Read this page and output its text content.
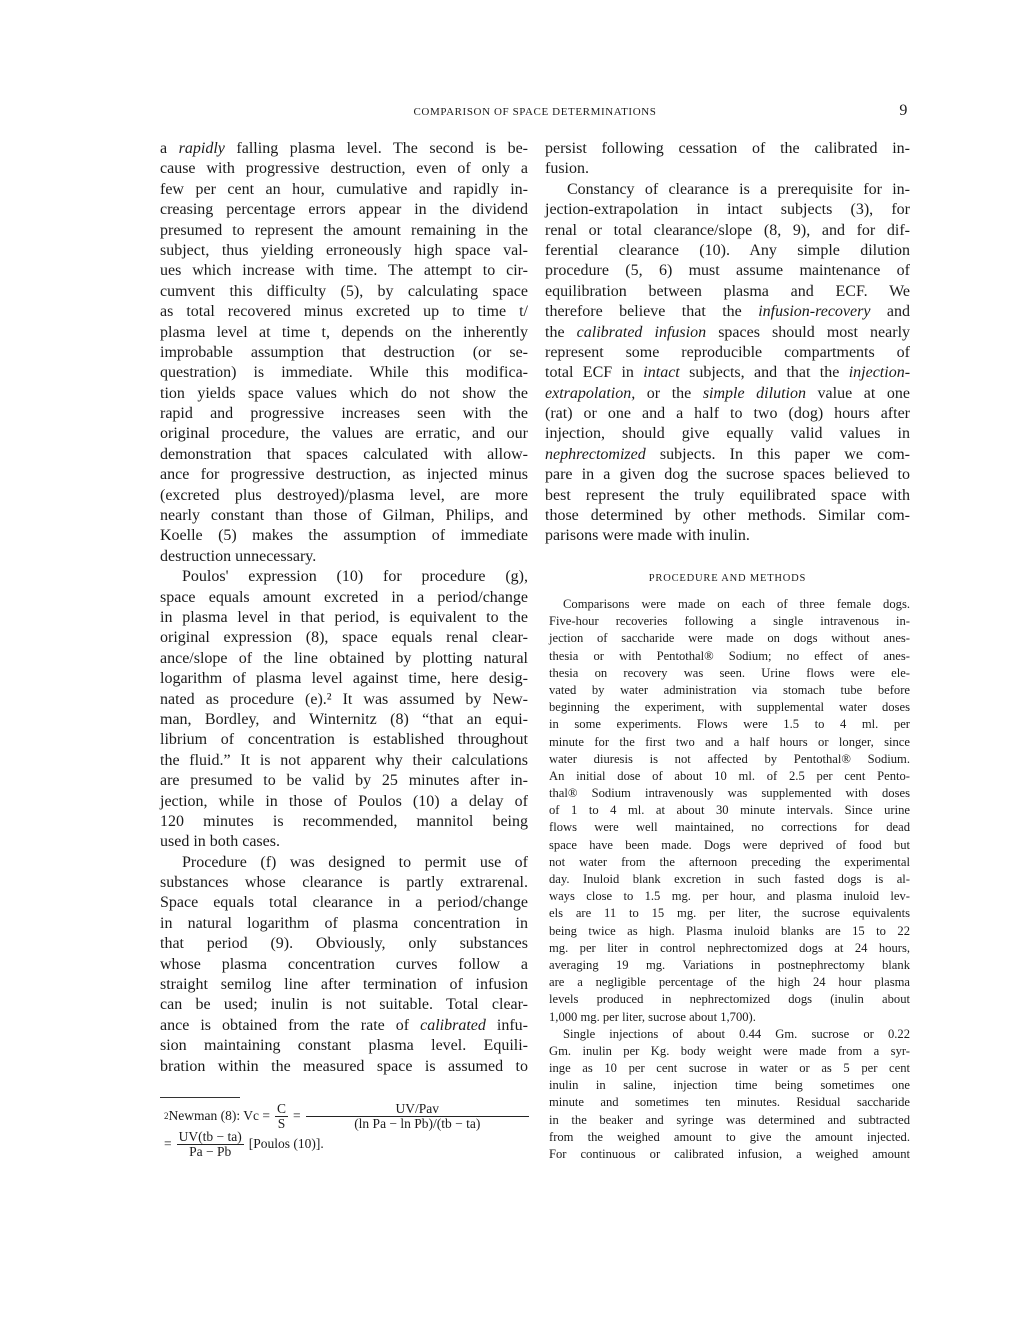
COMPARISON OF SPACE DETERMINATIONS	9
a rapidly falling plasma level. The second is be-
cause with progressive destruction, even of only a
few per cent an hour, cumulative and rapidly in-
creasing percentage errors appear in the dividend
presumed to represent the amount remaining in the
subject, thus yielding erroneously high space val-
ues which increase with time. The attempt to cir-
cumvent this difficulty (5), by calculating space
as total recovered minus excreted up to time t/
plasma level at time t, depends on the inherently
improbable assumption that destruction (or se-
questration) is immediate. While this modifica-
tion yields space values which do not show the
rapid and progressive increases seen with the
original procedure, the values are erratic, and our
demonstration that spaces calculated with allow-
ance for progressive destruction, as injected minus
(excreted plus destroyed)/plasma level, are more
nearly constant than those of Gilman, Philips, and
Koelle (5) makes the assumption of immediate
destruction unnecessary.
Poulos' expression (10) for procedure (g),
space equals amount excreted in a period/change
in plasma level in that period, is equivalent to the
original expression (8), space equals renal clear-
ance/slope of the line obtained by plotting natural
logarithm of plasma level against time, here desig-
nated as procedure (e).² It was assumed by New-
man, Bordley, and Winternitz (8) “that an equi-
librium of concentration is established throughout
the fluid.” It is not apparent why their calculations
are presumed to be valid by 25 minutes after in-
jection, while in those of Poulos (10) a delay of
120 minutes is recommended, mannitol being
used in both cases.
Procedure (f) was designed to permit use of
substances whose clearance is partly extrarenal.
Space equals total clearance in a period/change
in natural logarithm of plasma concentration in
that period (9). Obviously, only substances
whose plasma concentration curves follow a
straight semilog line after termination of infusion
can be used; inulin is not suitable. Total clear-
ance is obtained from the rate of calibrated infu-
sion maintaining constant plasma level. Equili-
bration within the measured space is assumed to
persist following cessation of the calibrated in-
fusion.
Constancy of clearance is a prerequisite for in-
jection-extrapolation in intact subjects (3), for
renal or total clearance/slope (8, 9), and for dif-
ferential clearance (10). Any simple dilution
procedure (5, 6) must assume maintenance of
equilibration between plasma and ECF. We
therefore believe that the infusion-recovery and
the calibrated infusion spaces should most nearly
represent some reproducible compartments of
total ECF in intact subjects, and that the injection-
extrapolation, or the simple dilution value at one
(rat) or one and a half to two (dog) hours after
injection, should give equally valid values in
nephrectomized subjects. In this paper we com-
pare in a given dog the sucrose spaces believed to
best represent the truly equilibrated space with
those determined by other methods. Similar com-
parisons were made with inulin.
PROCEDURE AND METHODS
Comparisons were made on each of three female dogs.
Five-hour recoveries following a single intravenous in-
jection of saccharide were made on dogs without anes-
thesia or with Pentothal® Sodium; no effect of anes-
thesia on recovery was seen. Urine flows were ele-
vated by water administration via stomach tube before
beginning the experiment, with supplemental water doses
in some experiments. Flows were 1.5 to 4 ml. per
minute for the first two and a half hours or longer, since
water diuresis is not affected by Pentothal® Sodium.
An initial dose of about 10 ml. of 2.5 per cent Pento-
thal® Sodium intravenously was supplemented with doses
of 1 to 4 ml. at about 30 minute intervals. Since urine
flows were well maintained, no corrections for dead
space have been made. Dogs were deprived of food but
not water from the afternoon preceding the experimental
day. Inuloid blank excretion in such fasted dogs is al-
ways close to 1.5 mg. per hour, and plasma inuloid lev-
els are 11 to 15 mg. per liter, the sucrose equivalents
being twice as high. Plasma inuloid blanks are 15 to 22
mg. per liter in control nephrectomized dogs at 24 hours,
averaging 19 mg. Variations in postnephrectomy blank
are a negligible percentage of the high 24 hour plasma
levels produced in nephrectomized dogs (inulin about
1,000 mg. per liter, sucrose about 1,700).
Single injections of about 0.44 Gm. sucrose or 0.22
Gm. inulin per Kg. body weight were made from a syr-
inge as 10 per cent sucrose in water or as 5 per cent
inulin in saline, injection time being sometimes one
minute and sometimes ten minutes. Residual saccharide
in the beaker and syringe was determined and subtracted
from the weighed amount to give the amount injected.
For continuous or calibrated infusion, a weighed amount
2 Newman (8): $Vc = \frac{C}{S} = \frac{\text{UV/Pav}}{\text{(ln Pa − ln Pb)/(tb − ta)}}$
= $\frac{UV(tb - ta)}{Pa - Pb}$ [Poulos (10)].
